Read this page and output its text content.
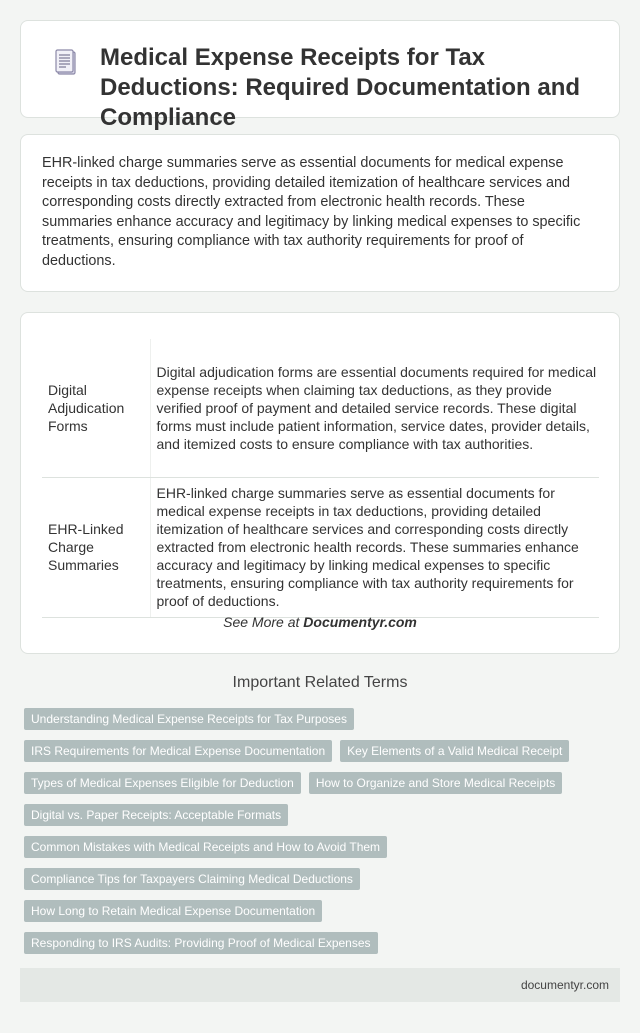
Medical Expense Receipts for Tax Deductions: Required Documentation and Compliance

EHR-linked charge summaries serve as essential documents for medical expense receipts in tax deductions, providing detailed itemization of healthcare services and corresponding costs directly extracted from electronic health records. These summaries enhance accuracy and legitimacy by linking medical expenses to specific treatments, ensuring compliance with tax authority requirements for proof of deductions.

Digital Adjudication Forms	Digital adjudication forms are essential documents required for medical expense receipts when claiming tax deductions, as they provide verified proof of payment and detailed service records. These digital forms must include patient information, service dates, provider details, and itemized costs to ensure compliance with tax authorities.
EHR-Linked Charge Summaries	EHR-linked charge summaries serve as essential documents for medical expense receipts in tax deductions, providing detailed itemization of healthcare services and corresponding costs directly extracted from electronic health records. These summaries enhance accuracy and legitimacy by linking medical expenses to specific treatments, ensuring compliance with tax authority requirements for proof of deductions.
See More at Documentyr.com
Important Related Terms
Understanding Medical Expense Receipts for Tax Purposes
IRS Requirements for Medical Expense Documentation	Key Elements of a Valid Medical Receipt
Types of Medical Expenses Eligible for Deduction	How to Organize and Store Medical Receipts
Digital vs. Paper Receipts: Acceptable Formats
Common Mistakes with Medical Receipts and How to Avoid Them
Compliance Tips for Taxpayers Claiming Medical Deductions
How Long to Retain Medical Expense Documentation
Responding to IRS Audits: Providing Proof of Medical Expenses
documentyr.com
